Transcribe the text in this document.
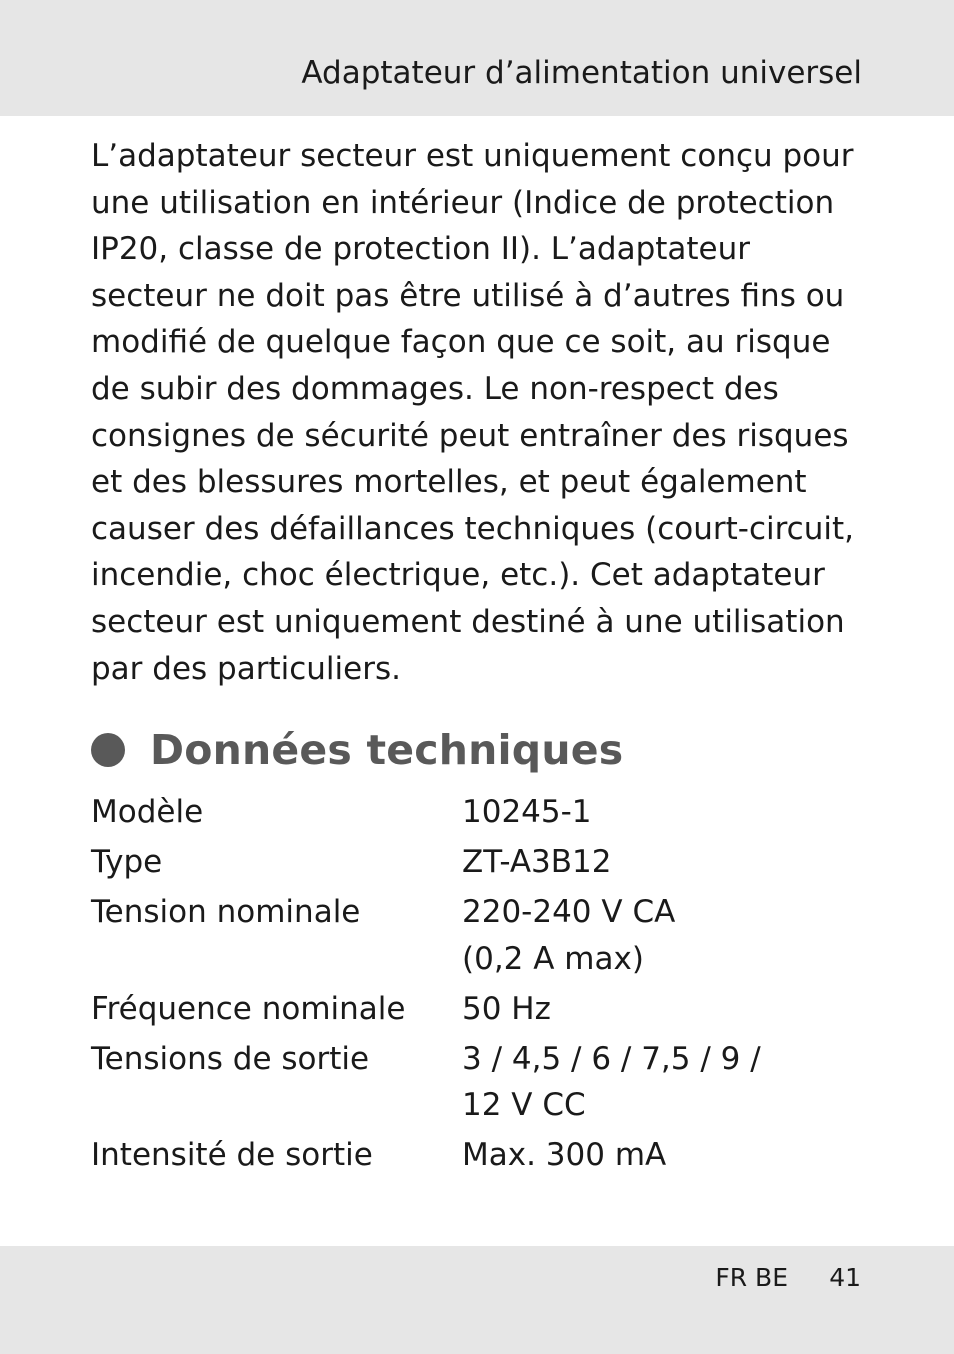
Adaptateur d’alimentation universel

L’adaptateur secteur est uniquement conçu pour
une utilisation en intérieur (Indice de protection
IP20, classe de protection II). L’adaptateur
secteur ne doit pas être utilisé à d’autres fins ou
modifié de quelque façon que ce soit, au risque
de subir des dommages. Le non-respect des
consignes de sécurité peut entraîner des risques
et des blessures mortelles, et peut également
causer des défaillances techniques (court-circuit,
incendie, choc électrique, etc.). Cet adaptateur
secteur est uniquement destiné à une utilisation
par des particuliers.

Données techniques
Modèle	10245-1
Type	ZT-A3B12
Tension nominale	220-240 V CA
(0,2 A max)
Fréquence nominale	50 Hz
Tensions de sortie	3 / 4,5 / 6 / 7,5 / 9 /
12 V CC
Intensité de sortie	Max. 300 mA
FR BE 41
